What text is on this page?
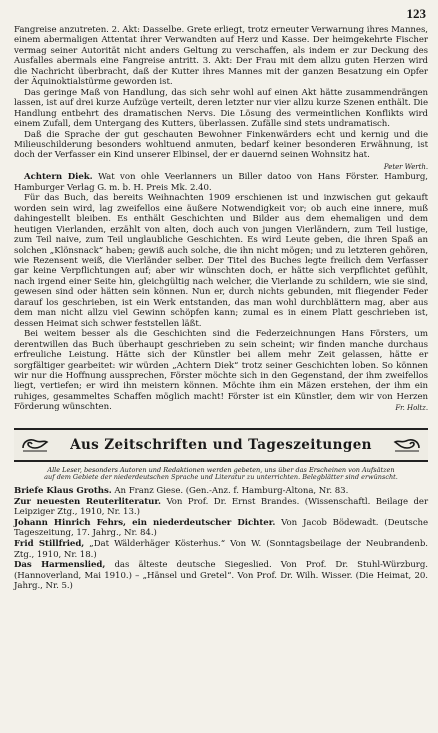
123

Fangreise anzutreten. 2. Akt: Dasselbe. Grete erliegt, trotz erneuter Verwarnung ihres Mannes, einem abermaligen Attentat ihrer Verwandten auf Herz und Kasse. Der heimgekehrte Fischer vermag seiner Autorität nicht anders Geltung zu verschaffen, als indem er zur Deckung des Ausfalles abermals eine Fangreise antritt. 3. Akt: Der Frau mit dem allzu guten Herzen wird die Nachricht überbracht, daß der Kutter ihres Mannes mit der ganzen Besatzung ein Opfer der Äquinoktialstürme geworden ist.

Das geringe Maß von Handlung, das sich sehr wohl auf einen Akt hätte zusammendrängen lassen, ist auf drei kurze Aufzüge verteilt, deren letzter nur vier allzu kurze Szenen enthält. Die Handlung entbehrt des dramatischen Nervs. Die Lösung des vermeintlichen Konflikts wird einem Zufall, dem Untergang des Kutters, überlassen. Zufälle sind stets undramatisch.

Daß die Sprache der gut geschauten Bewohner Finkenwärders echt und kernig und die Milieuschilderung besonders wohltuend anmuten, bedarf keiner besonderen Erwähnung, ist doch der Verfasser ein Kind unserer Elbinsel, der er dauernd seinen Wohnsitz hat.
Peter Werth.

Achtern Diek. Wat von ohle Veerlanners un Biller datoo von Hans Förster. Hamburg, Hamburger Verlag G. m. b. H. Preis Mk. 2.40.

Für das Buch, das bereits Weihnachten 1909 erschienen ist und inzwischen gut gekauft worden sein wird, lag zweifellos eine äußere Notwendigkeit vor; ob auch eine innere, muß dahingestellt bleiben. Es enthält Geschichten und Bilder aus dem ehemaligen und dem heutigen Vierlanden, erzählt von alten, doch auch von jungen Vierländern, zum Teil lustige, zum Teil naive, zum Teil unglaubliche Geschichten. Es wird Leute geben, die ihren Spaß an solchen „Klönsnack“ haben; gewiß auch solche, die ihn nicht mögen; und zu letzteren gehören, wie Rezensent weiß, die Vierländer selber. Der Titel des Buches legte freilich dem Verfasser gar keine Verpflichtungen auf; aber wir wünschten doch, er hätte sich verpflichtet gefühlt, nach irgend einer Seite hin, gleichgültig nach welcher, die Vierlande zu schildern, wie sie sind, gewesen sind oder hätten sein können. Nun er, durch nichts gebunden, mit fliegender Feder darauf los geschrieben, ist ein Werk entstanden, das man wohl durchblättern mag, aber aus dem man nicht allzu viel Gewinn schöpfen kann; zumal es in einem Platt geschrieben ist, dessen Heimat sich schwer feststellen läßt.

Bei weitem besser als die Geschichten sind die Federzeichnungen Hans Försters, um derentwillen das Buch überhaupt geschrieben zu sein scheint; wir finden manche durchaus erfreuliche Leistung. Hätte sich der Künstler bei allem mehr Zeit gelassen, hätte er sorgfältiger gearbeitet: wir würden „Achtern Diek“ trotz seiner Geschichten loben. So können wir nur die Hoffnung aussprechen, Förster möchte sich in den Gegenstand, der ihm zweifellos liegt, vertiefen; er wird ihn meistern können. Möchte ihm ein Mäzen erstehen, der ihm ein ruhiges, gesammeltes Schaffen möglich macht! Förster ist ein Künstler, dem wir von Herzen Förderung wünschten.	Fr. Holtz.

Aus Zeitschriften und Tageszeitungen
Alle Leser, besonders Autoren und Redaktionen werden gebeten, uns über das Erscheinen von Aufsätzen auf dem Gebiete der niederdeutschen Sprache und Literatur zu unterrichten. Belegblätter sind erwünscht.

Briefe Klaus Groths. An Franz Giese. (Gen.-Anz. f. Hamburg-Altona, Nr. 83.

Zur neuesten Reuterliteratur. Von Prof. Dr. Ernst Brandes. (Wissenschaftl. Beilage der Leipziger Ztg., 1910, Nr. 13.)

Johann Hinrich Fehrs, ein niederdeutscher Dichter. Von Jacob Bödewadt. (Deutsche Tageszeitung, 17. Jahrg., Nr. 84.)

Frid Stillfried, „Dat Wälderhäger Kösterhus.“ Von W. (Sonntagsbeilage der Neubrandenb. Ztg., 1910, Nr. 18.)

Das Harmenslied, das älteste deutsche Siegeslied. Von Prof. Dr. Stuhl-Würzburg. (Hannoverland, Mai 1910.) – „Hänsel und Gretel“. Von Prof. Dr. Wilh. Wisser. (Die Heimat, 20. Jahrg., Nr. 5.)
